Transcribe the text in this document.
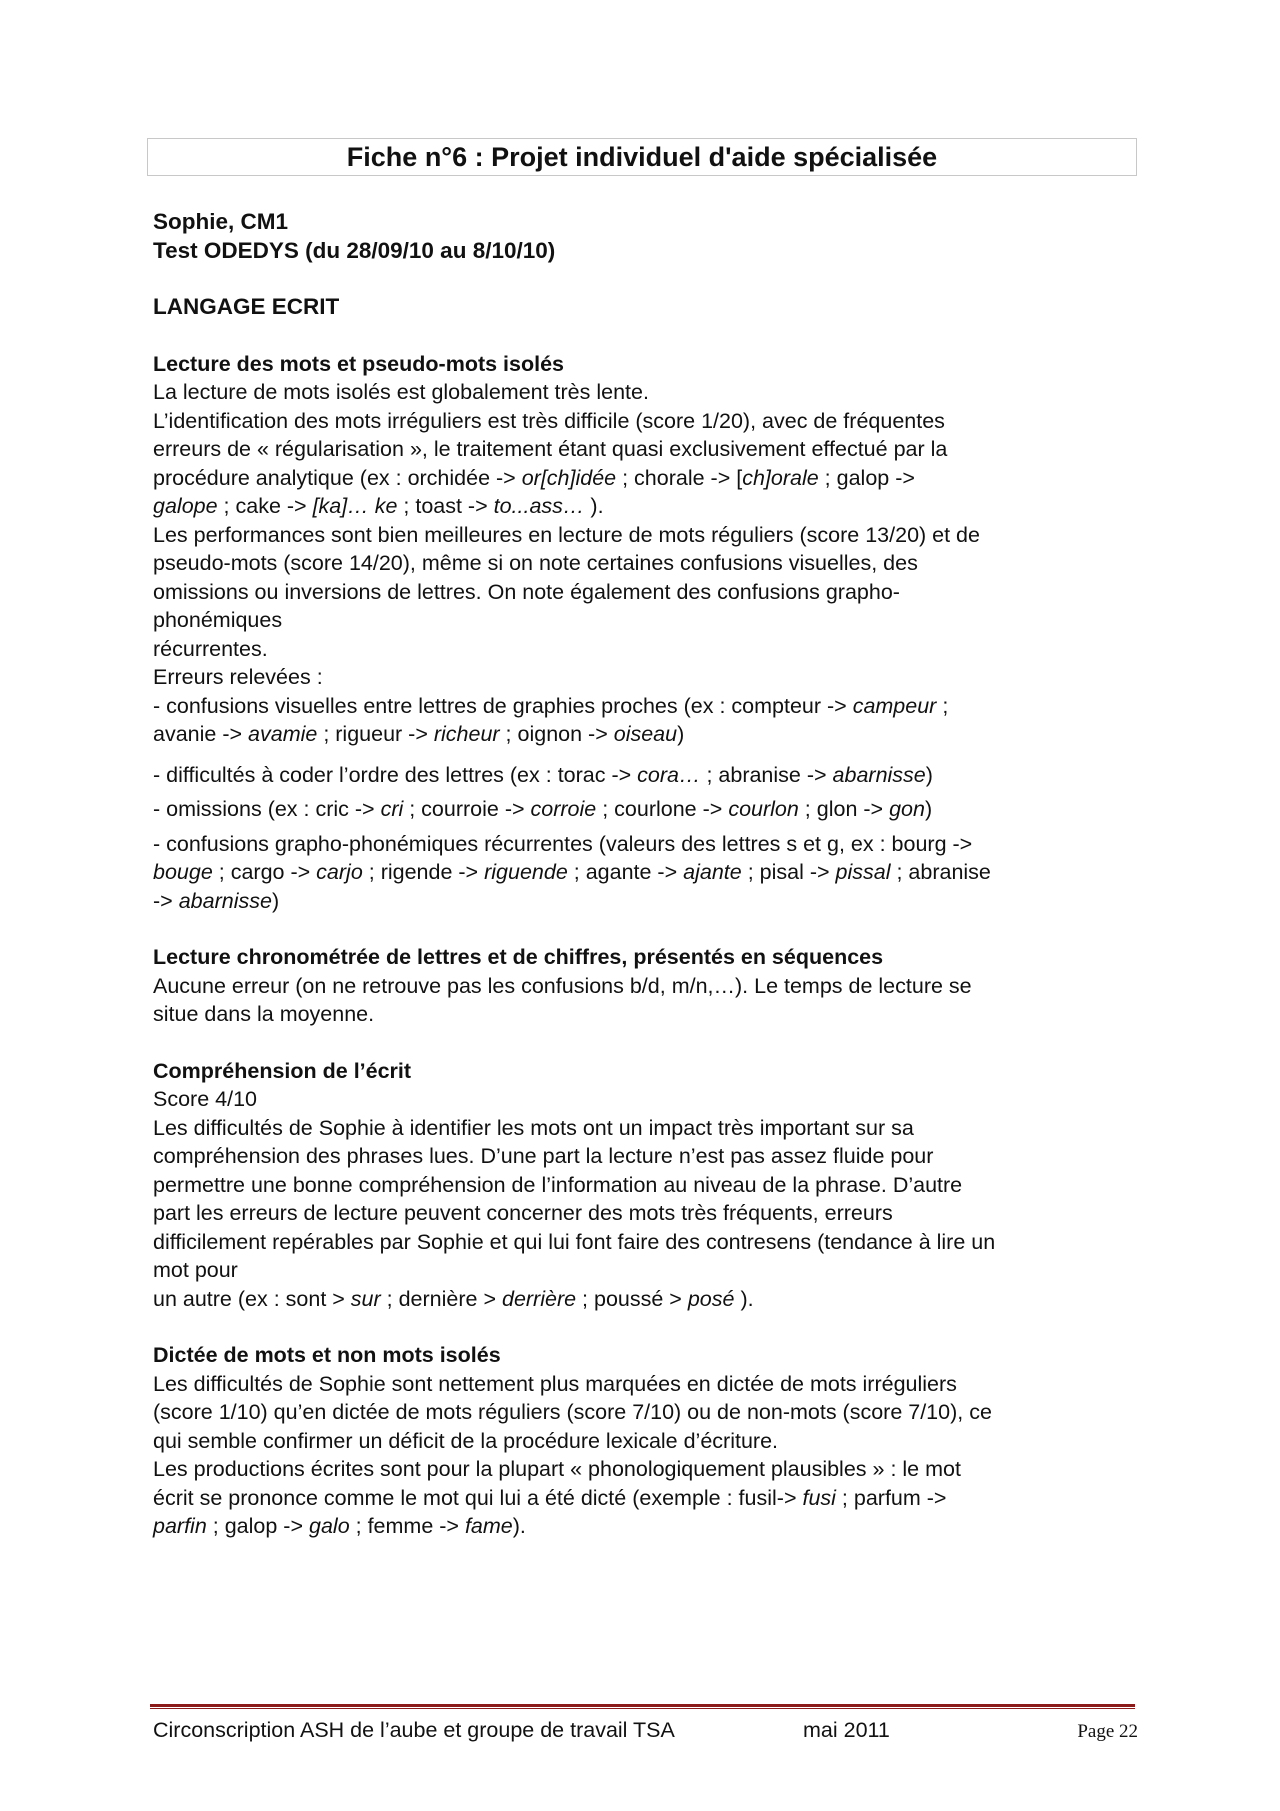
Fiche n°6 : Projet individuel d'aide spécialisée
Sophie, CM1
Test ODEDYS (du 28/09/10 au 8/10/10)
LANGAGE ECRIT
Lecture des mots et pseudo-mots isolés
La lecture de mots isolés est globalement très lente.
L’identification des mots irréguliers est très difficile (score 1/20), avec de fréquentes
erreurs de « régularisation », le traitement étant quasi exclusivement effectué par la
procédure analytique (ex : orchidée -> or[ch]idée ; chorale -> [ch]orale ; galop ->
galope ; cake -> [ka]… ke ; toast -> to...ass… ).
Les performances sont bien meilleures en lecture de mots réguliers (score 13/20) et de
pseudo-mots (score 14/20), même si on note certaines confusions visuelles, des
omissions ou inversions de lettres. On note également des confusions grapho-
phonémiques
récurrentes.
Erreurs relevées :
- confusions visuelles entre lettres de graphies proches (ex : compteur -> campeur ;
avanie -> avamie ; rigueur -> richeur ; oignon -> oiseau)
- difficultés à coder l’ordre des lettres (ex : torac -> cora… ; abranise -> abarnisse)
- omissions (ex : cric -> cri ; courroie -> corroie ; courlone -> courlon ; glon -> gon)
- confusions grapho-phonémiques récurrentes (valeurs des lettres s et g, ex : bourg ->
bouge ; cargo -> carjo ; rigende -> riguende ; agante -> ajante ; pisal -> pissal ; abranise
-> abarnisse)
Lecture chronométrée de lettres et de chiffres, présentés en séquences
Aucune erreur (on ne retrouve pas les confusions b/d, m/n,…). Le temps de lecture se
situe dans la moyenne.
Compréhension de l’écrit
Score 4/10
Les difficultés de Sophie à identifier les mots ont un impact très important sur sa
compréhension des phrases lues. D’une part la lecture n’est pas assez fluide pour
permettre une bonne compréhension de l’information au niveau de la phrase. D’autre
part les erreurs de lecture peuvent concerner des mots très fréquents, erreurs
difficilement repérables par Sophie et qui lui font faire des contresens (tendance à lire un
mot pour
un autre (ex : sont > sur ; dernière > derrière ; poussé > posé ).
Dictée de mots et non mots isolés
Les difficultés de Sophie sont nettement plus marquées en dictée de mots irréguliers
(score 1/10) qu’en dictée de mots réguliers (score 7/10) ou de non-mots (score 7/10), ce
qui semble confirmer un déficit de la procédure lexicale d’écriture.
Les productions écrites sont pour la plupart « phonologiquement plausibles » : le mot
écrit se prononce comme le mot qui lui a été dicté (exemple : fusil-> fusi ; parfum ->
parfin ; galop -> galo ; femme -> fame).
Circonscription ASH de l’aube et groupe de travail TSA	mai 2011	Page 22
